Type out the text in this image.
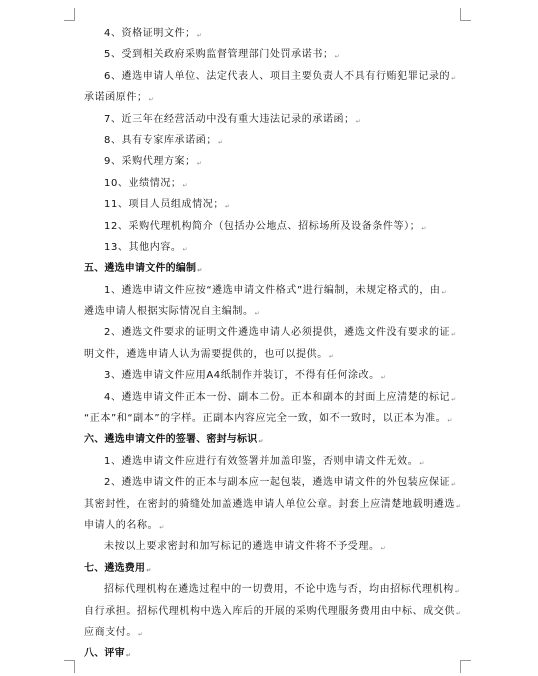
4、资格证明文件；↵
5、受到相关政府采购监督管理部门处罚承诺书；↵
6、遴选申请人单位、法定代表人、项目主要负责人不具有行贿犯罪记录的↵
承诺函原件；↵
7、近三年在经营活动中没有重大违法记录的承诺函；↵
8、具有专家库承诺函；↵
9、采购代理方案；↵
10、业绩情况；↵
11、项目人员组成情况；↵
12、采购代理机构简介（包括办公地点、招标场所及设备条件等）；↵
13、其他内容。↵
五、遴选申请文件的编制↵
1、遴选申请文件应按“遴选申请文件格式”进行编制，未规定格式的，由↵
遴选申请人根据实际情况自主编制。↵
2、遴选文件要求的证明文件遴选申请人必须提供，遴选文件没有要求的证↵
明文件，遴选申请人认为需要提供的，也可以提供。↵
3、遴选申请文件应用A4纸制作并装订，不得有任何涂改。↵
4、遴选申请文件正本一份、副本二份。正本和副本的封面上应清楚的标记↵
“正本”和“副本”的字样。正副本内容应完全一致，如不一致时，以正本为准。↵
六、遴选申请文件的签署、密封与标识↵
1、遴选申请文件应进行有效签署并加盖印鉴，否则申请文件无效。↵
2、遴选申请文件的正本与副本应一起包装，遴选申请文件的外包装应保证↵
其密封性，在密封的骑缝处加盖遴选申请人单位公章。封套上应清楚地载明遴选↵
申请人的名称。↵
未按以上要求密封和加写标记的遴选申请文件将不予受理。↵
七、遴选费用↵
招标代理机构在遴选过程中的一切费用，不论中选与否，均由招标代理机构↵
自行承担。招标代理机构中选入库后的开展的采购代理服务费用由中标、成交供↵
应商支付。↵
八、评审↵
